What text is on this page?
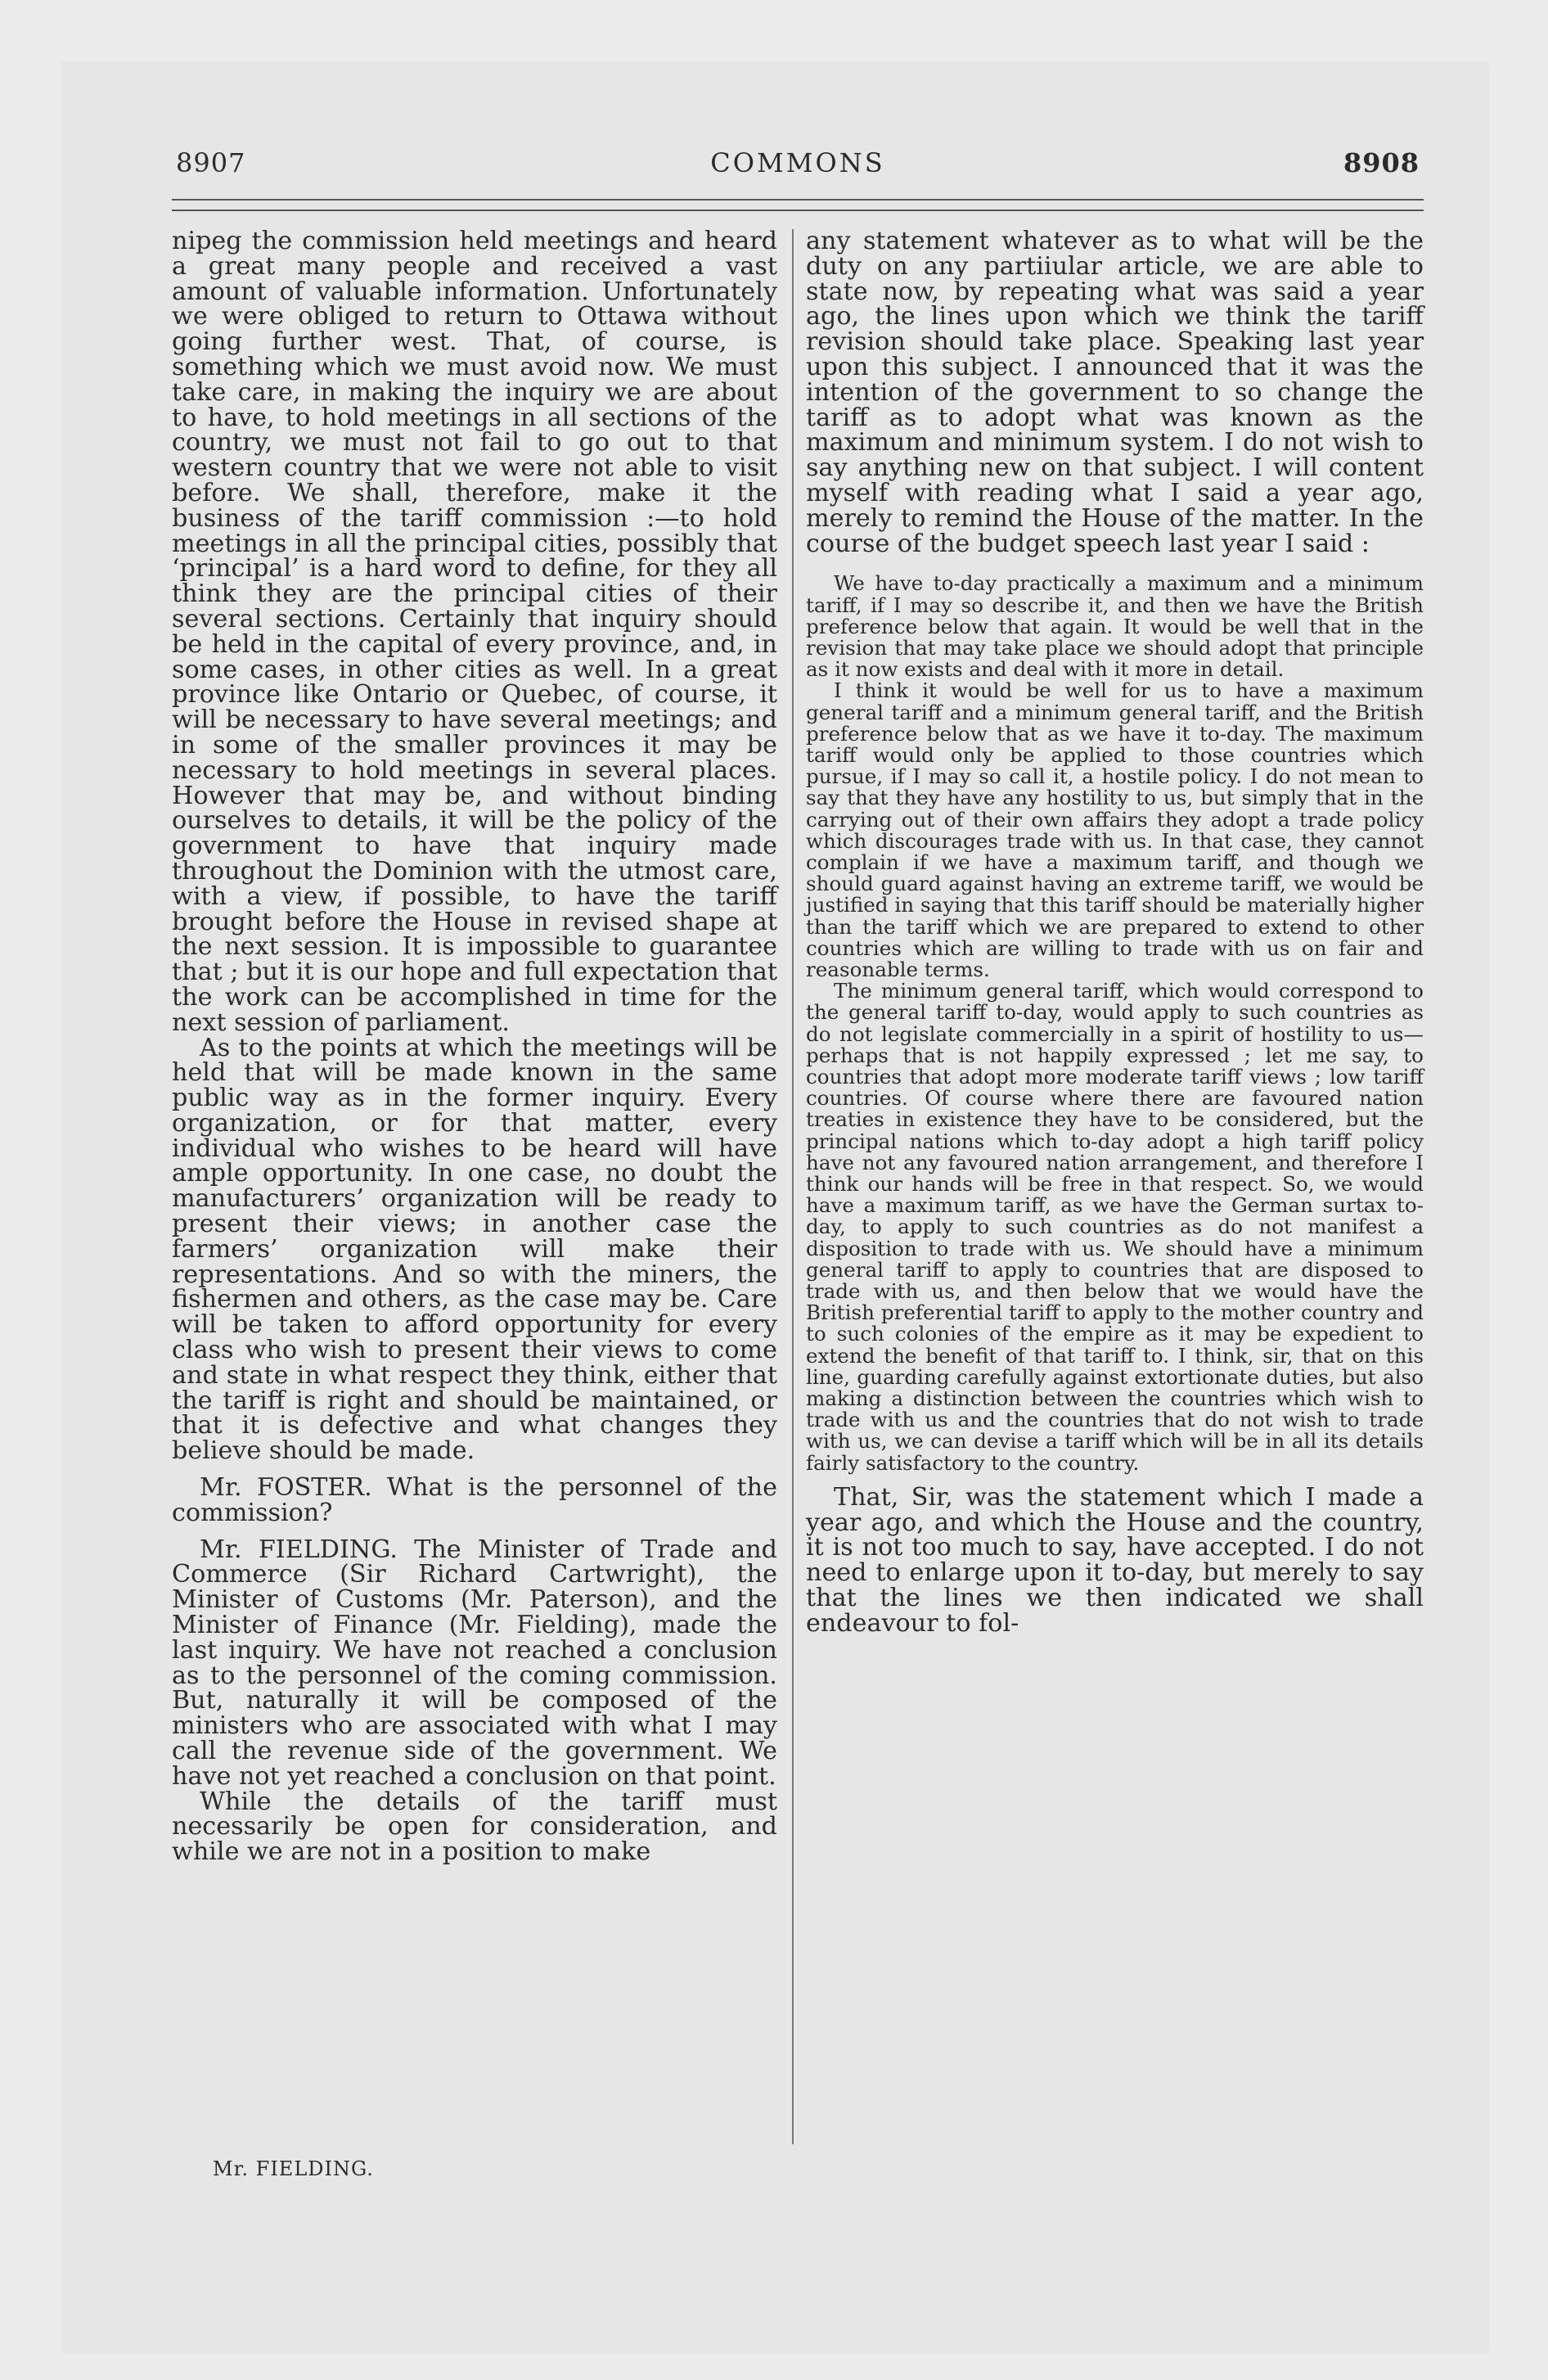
8907	COMMONS	8908

nipeg the commission held meetings and heard a great many people and received a vast amount of valuable information. Unfortunately we were obliged to return to Ottawa without going further west. That, of course, is something which we must avoid now. We must take care, in making the inquiry we are about to have, to hold meetings in all sections of the country, we must not fail to go out to that western country that we were not able to visit before. We shall, therefore, make it the business of the tariff commission :—to hold meetings in all the principal cities, possibly that ‘principal’ is a hard word to define, for they all think they are the principal cities of their several sections. Certainly that inquiry should be held in the capital of every province, and, in some cases, in other cities as well. In a great province like Ontario or Quebec, of course, it will be necessary to have several meetings; and in some of the smaller provinces it may be necessary to hold meetings in several places. However that may be, and without binding ourselves to details, it will be the policy of the government to have that inquiry made throughout the Dominion with the utmost care, with a view, if possible, to have the tariff brought before the House in revised shape at the next session. It is impossible to guarantee that ; but it is our hope and full expectation that the work can be accomplished in time for the next session of parliament.

As to the points at which the meetings will be held that will be made known in the same public way as in the former inquiry. Every organization, or for that matter, every individual who wishes to be heard will have ample opportunity. In one case, no doubt the manufacturers’ organization will be ready to present their views; in another case the farmers’ organization will make their representations. And so with the miners, the fishermen and others, as the case may be. Care will be taken to afford opportunity for every class who wish to present their views to come and state in what respect they think, either that the tariff is right and should be maintained, or that it is defective and what changes they believe should be made.

Mr. FOSTER. What is the personnel of the commission?

Mr. FIELDING. The Minister of Trade and Commerce (Sir Richard Cartwright), the Minister of Customs (Mr. Paterson), and the Minister of Finance (Mr. Fielding), made the last inquiry. We have not reached a conclusion as to the personnel of the coming commission. But, naturally it will be composed of the ministers who are associated with what I may call the revenue side of the government. We have not yet reached a conclusion on that point.

While the details of the tariff must necessarily be open for consideration, and while we are not in a position to make

any statement whatever as to what will be the duty on any partiiular article, we are able to state now, by repeating what was said a year ago, the lines upon which we think the tariff revision should take place. Speaking last year upon this subject. I announced that it was the intention of the government to so change the tariff as to adopt what was known as the maximum and minimum system. I do not wish to say anything new on that subject. I will content myself with reading what I said a year ago, merely to remind the House of the matter. In the course of the budget speech last year I said :

We have to-day practically a maximum and a minimum tariff, if I may so describe it, and then we have the British preference below that again. It would be well that in the revision that may take place we should adopt that principle as it now exists and deal with it more in detail.

I think it would be well for us to have a maximum general tariff and a minimum general tariff, and the British preference below that as we have it to-day. The maximum tariff would only be applied to those countries which pursue, if I may so call it, a hostile policy. I do not mean to say that they have any hostility to us, but simply that in the carrying out of their own affairs they adopt a trade policy which discourages trade with us. In that case, they cannot complain if we have a maximum tariff, and though we should guard against having an extreme tariff, we would be justified in saying that this tariff should be materially higher than the tariff which we are prepared to extend to other countries which are willing to trade with us on fair and reasonable terms.

The minimum general tariff, which would correspond to the general tariff to-day, would apply to such countries as do not legislate commercially in a spirit of hostility to us—perhaps that is not happily expressed ; let me say, to countries that adopt more moderate tariff views ; low tariff countries. Of course where there are favoured nation treaties in existence they have to be considered, but the principal nations which to-day adopt a high tariff policy have not any favoured nation arrangement, and therefore I think our hands will be free in that respect. So, we would have a maximum tariff, as we have the German surtax to-day, to apply to such countries as do not manifest a disposition to trade with us. We should have a minimum general tariff to apply to countries that are disposed to trade with us, and then below that we would have the British preferential tariff to apply to the mother country and to such colonies of the empire as it may be expedient to extend the benefit of that tariff to. I think, sir, that on this line, guarding carefully against extortionate duties, but also making a distinction between the countries which wish to trade with us and the countries that do not wish to trade with us, we can devise a tariff which will be in all its details fairly satisfactory to the country.

That, Sir, was the statement which I made a year ago, and which the House and the country, it is not too much to say, have accepted. I do not need to enlarge upon it to-day, but merely to say that the lines we then indicated we shall endeavour to fol-

Mr. FIELDING.
